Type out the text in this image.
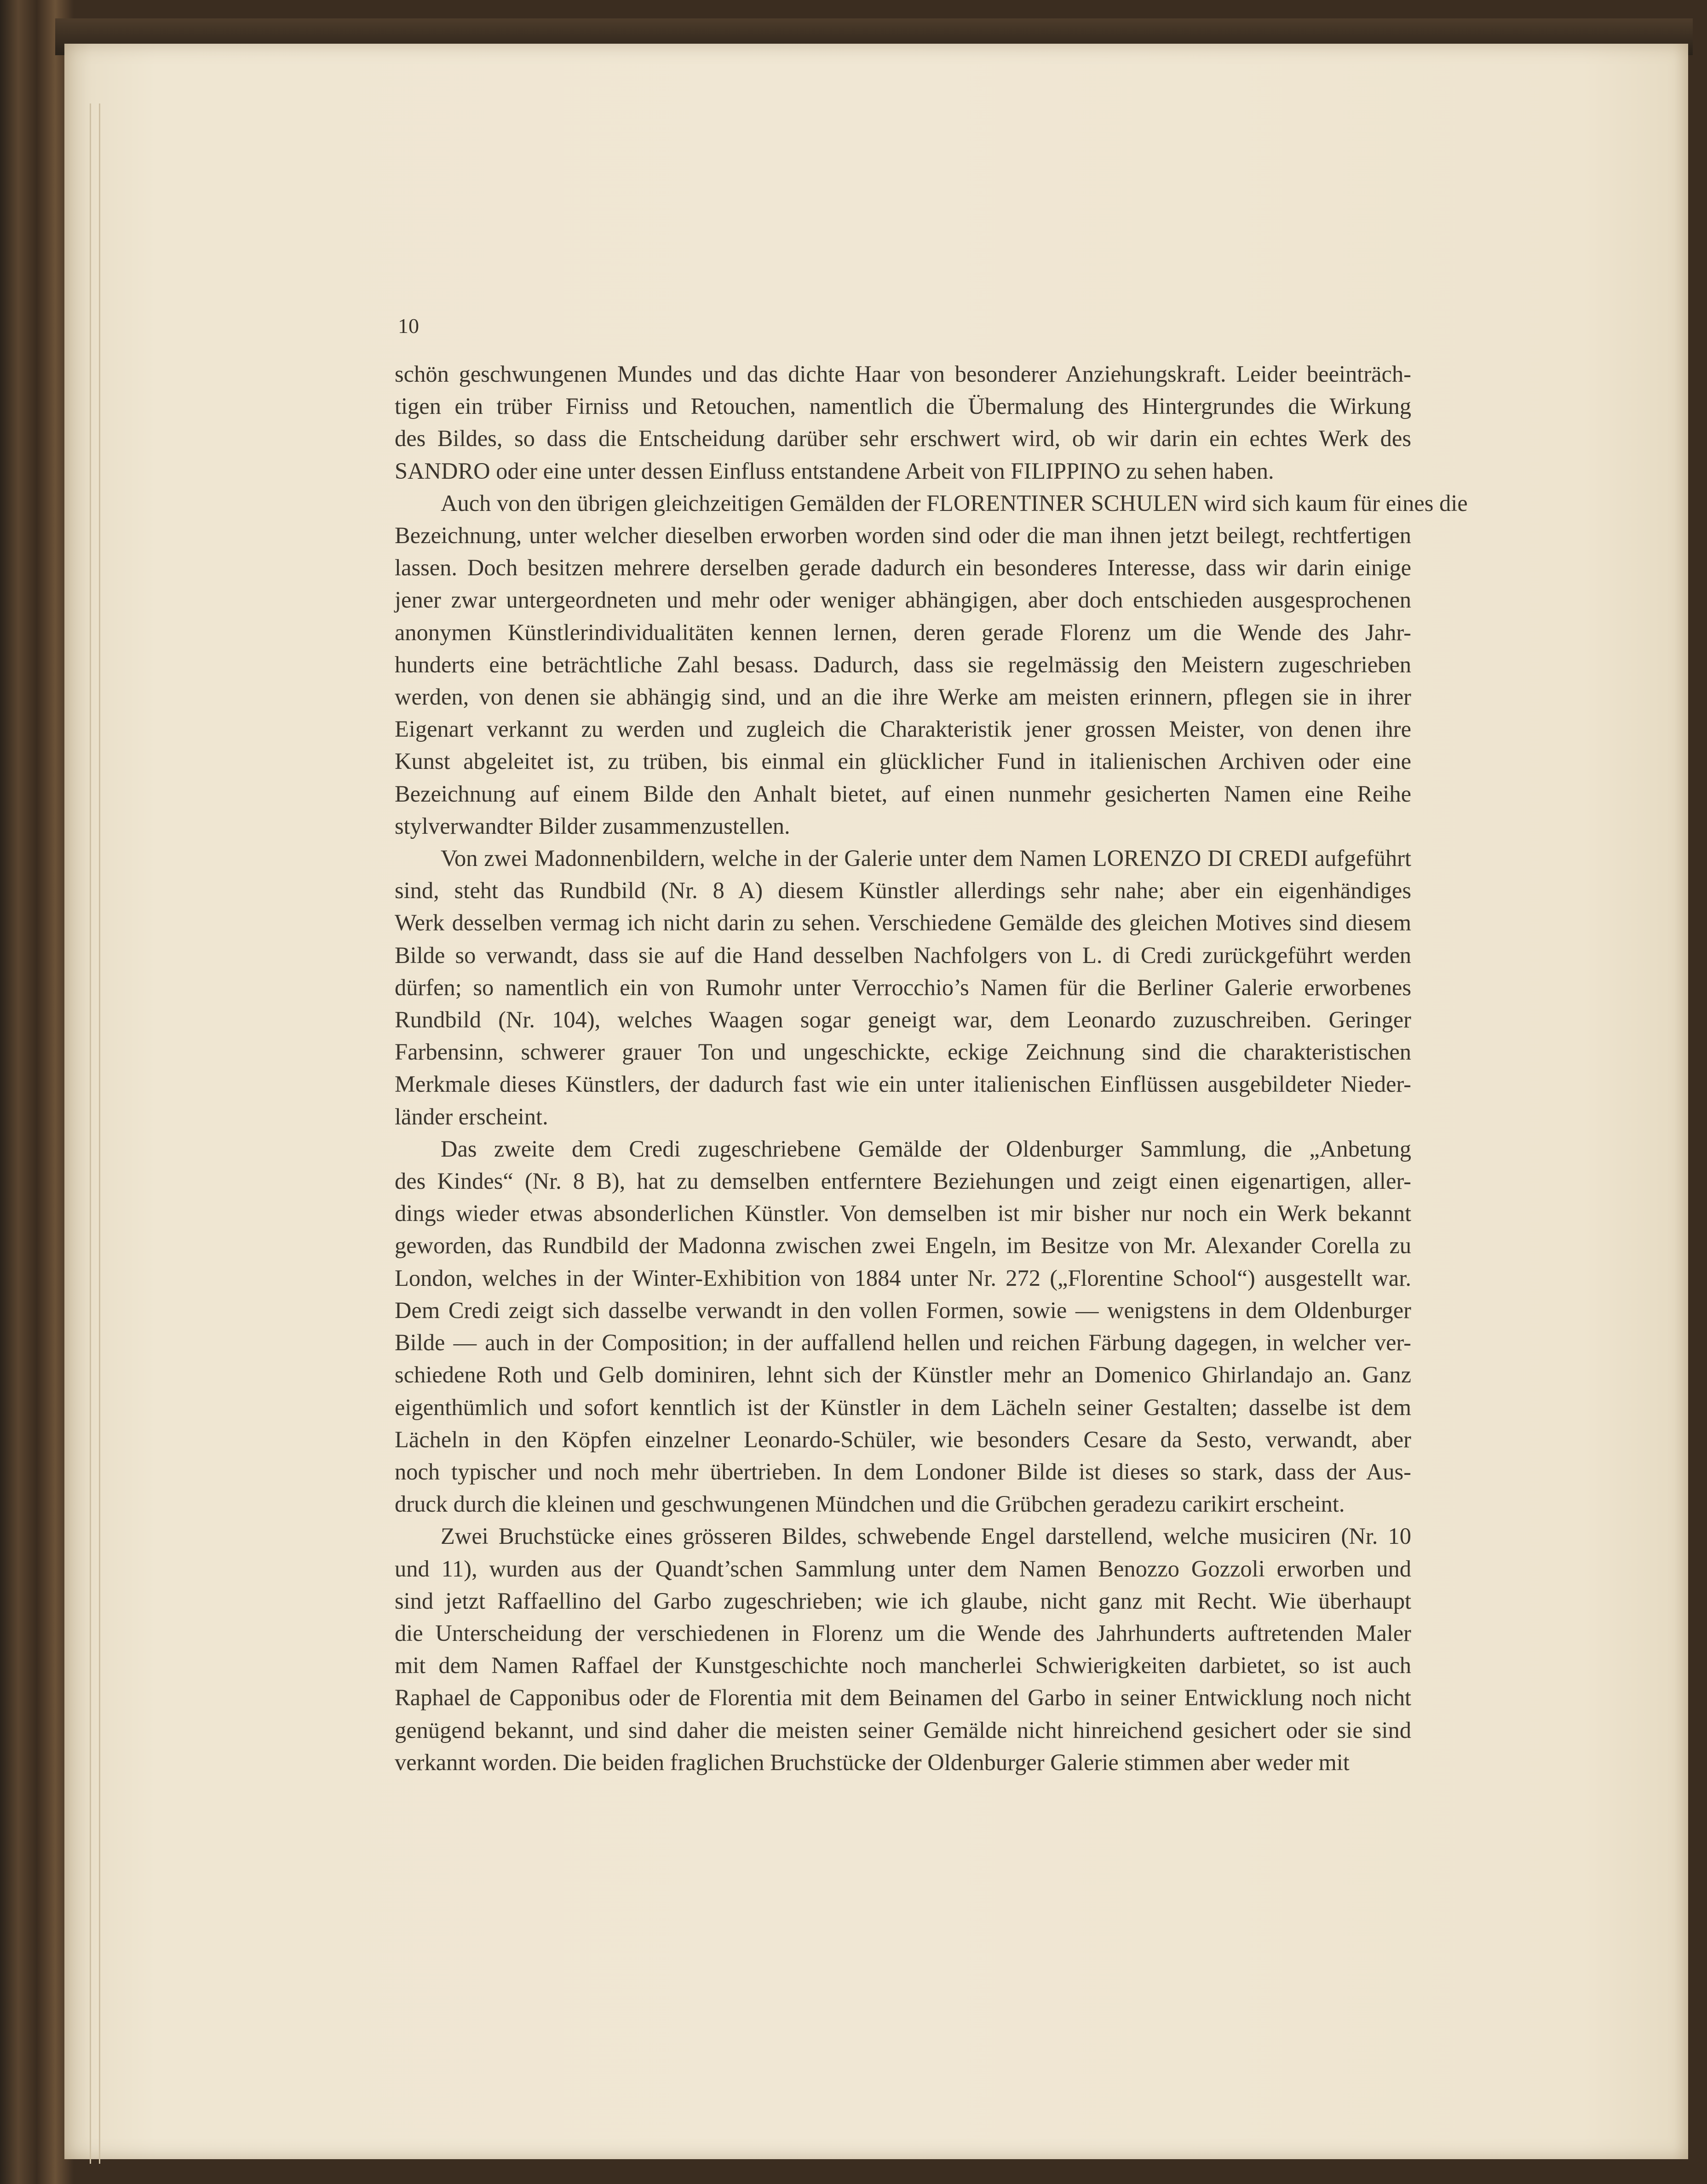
10
schön geschwungenen Mundes und das dichte Haar von besonderer Anziehungskraft. Leider beeinträch-
tigen ein trüber Firniss und Retouchen, namentlich die Übermalung des Hintergrundes die Wirkung
des Bildes, so dass die Entscheidung darüber sehr erschwert wird, ob wir darin ein echtes Werk des
SANDRO oder eine unter dessen Einfluss entstandene Arbeit von FILIPPINO zu sehen haben.
Auch von den übrigen gleichzeitigen Gemälden der FLORENTINER SCHULEN wird sich kaum für eines die
Bezeichnung, unter welcher dieselben erworben worden sind oder die man ihnen jetzt beilegt, rechtfertigen
lassen. Doch besitzen mehrere derselben gerade dadurch ein besonderes Interesse, dass wir darin einige
jener zwar untergeordneten und mehr oder weniger abhängigen, aber doch entschieden ausgesprochenen
anonymen Künstlerindividualitäten kennen lernen, deren gerade Florenz um die Wende des Jahr-
hunderts eine beträchtliche Zahl besass. Dadurch, dass sie regelmässig den Meistern zugeschrieben
werden, von denen sie abhängig sind, und an die ihre Werke am meisten erinnern, pflegen sie in ihrer
Eigenart verkannt zu werden und zugleich die Charakteristik jener grossen Meister, von denen ihre
Kunst abgeleitet ist, zu trüben, bis einmal ein glücklicher Fund in italienischen Archiven oder eine
Bezeichnung auf einem Bilde den Anhalt bietet, auf einen nunmehr gesicherten Namen eine Reihe
stylverwandter Bilder zusammenzustellen.
Von zwei Madonnenbildern, welche in der Galerie unter dem Namen LORENZO DI CREDI aufgeführt
sind, steht das Rundbild (Nr. 8 A) diesem Künstler allerdings sehr nahe; aber ein eigenhändiges
Werk desselben vermag ich nicht darin zu sehen. Verschiedene Gemälde des gleichen Motives sind diesem
Bilde so verwandt, dass sie auf die Hand desselben Nachfolgers von L. di Credi zurückgeführt werden
dürfen; so namentlich ein von Rumohr unter Verrocchio’s Namen für die Berliner Galerie erworbenes
Rundbild (Nr. 104), welches Waagen sogar geneigt war, dem Leonardo zuzuschreiben. Geringer
Farbensinn, schwerer grauer Ton und ungeschickte, eckige Zeichnung sind die charakteristischen
Merkmale dieses Künstlers, der dadurch fast wie ein unter italienischen Einflüssen ausgebildeter Nieder-
länder erscheint.
Das zweite dem Credi zugeschriebene Gemälde der Oldenburger Sammlung, die „Anbetung
des Kindes“ (Nr. 8 B), hat zu demselben entferntere Beziehungen und zeigt einen eigenartigen, aller-
dings wieder etwas absonderlichen Künstler. Von demselben ist mir bisher nur noch ein Werk bekannt
geworden, das Rundbild der Madonna zwischen zwei Engeln, im Besitze von Mr. Alexander Corella zu
London, welches in der Winter-Exhibition von 1884 unter Nr. 272 („Florentine School“) ausgestellt war.
Dem Credi zeigt sich dasselbe verwandt in den vollen Formen, sowie — wenigstens in dem Oldenburger
Bilde — auch in der Composition; in der auffallend hellen und reichen Färbung dagegen, in welcher ver-
schiedene Roth und Gelb dominiren, lehnt sich der Künstler mehr an Domenico Ghirlandajo an. Ganz
eigenthümlich und sofort kenntlich ist der Künstler in dem Lächeln seiner Gestalten; dasselbe ist dem
Lächeln in den Köpfen einzelner Leonardo-Schüler, wie besonders Cesare da Sesto, verwandt, aber
noch typischer und noch mehr übertrieben. In dem Londoner Bilde ist dieses so stark, dass der Aus-
druck durch die kleinen und geschwungenen Mündchen und die Grübchen geradezu carikirt erscheint.
Zwei Bruchstücke eines grösseren Bildes, schwebende Engel darstellend, welche musiciren (Nr. 10
und 11), wurden aus der Quandt’schen Sammlung unter dem Namen Benozzo Gozzoli erworben und
sind jetzt Raffaellino del Garbo zugeschrieben; wie ich glaube, nicht ganz mit Recht. Wie überhaupt
die Unterscheidung der verschiedenen in Florenz um die Wende des Jahrhunderts auftretenden Maler
mit dem Namen Raffael der Kunstgeschichte noch mancherlei Schwierigkeiten darbietet, so ist auch
Raphael de Capponibus oder de Florentia mit dem Beinamen del Garbo in seiner Entwicklung noch nicht
genügend bekannt, und sind daher die meisten seiner Gemälde nicht hinreichend gesichert oder sie sind
verkannt worden. Die beiden fraglichen Bruchstücke der Oldenburger Galerie stimmen aber weder mit
